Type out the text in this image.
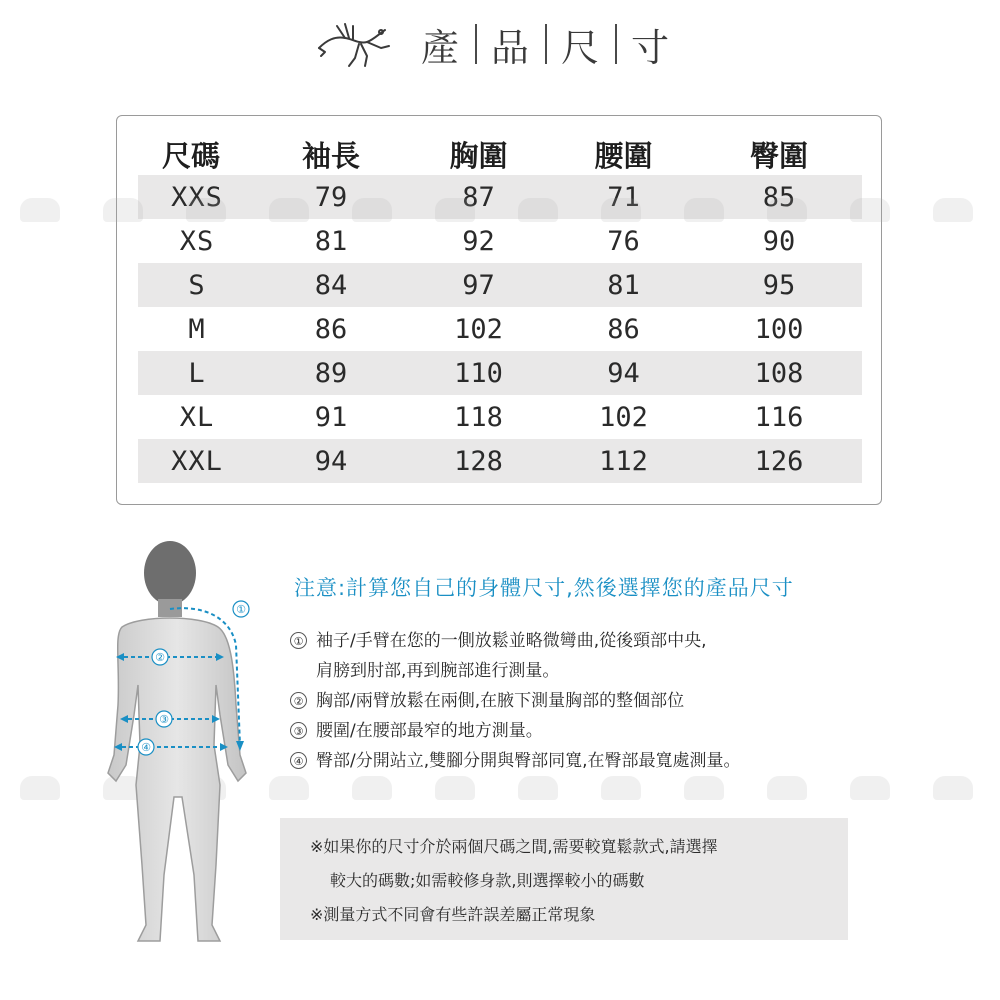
產 品 尺 寸
尺碼	袖長	胸圍	腰圍	臀圍
XXS	79	87	71	85
XS	81	92	76	90
S	84	97	81	95
M	86	102	86	100
L	89	110	94	108
XL	91	118	102	116
XXL	94	128	112	126
①
②
③
④
注意:計算您自己的身體尺寸,然後選擇您的產品尺寸
① 袖子/手臂在您的一側放鬆並略微彎曲,從後頸部中央,
肩膀到肘部,再到腕部進行測量。
② 胸部/兩臂放鬆在兩側,在腋下測量胸部的整個部位
③ 腰圍/在腰部最窄的地方測量。
④ 臀部/分開站立,雙腳分開與臀部同寬,在臀部最寬處測量。

※如果你的尺寸介於兩個尺碼之間,需要較寬鬆款式,請選擇

較大的碼數;如需較修身款,則選擇較小的碼數

※測量方式不同會有些許誤差屬正常現象
